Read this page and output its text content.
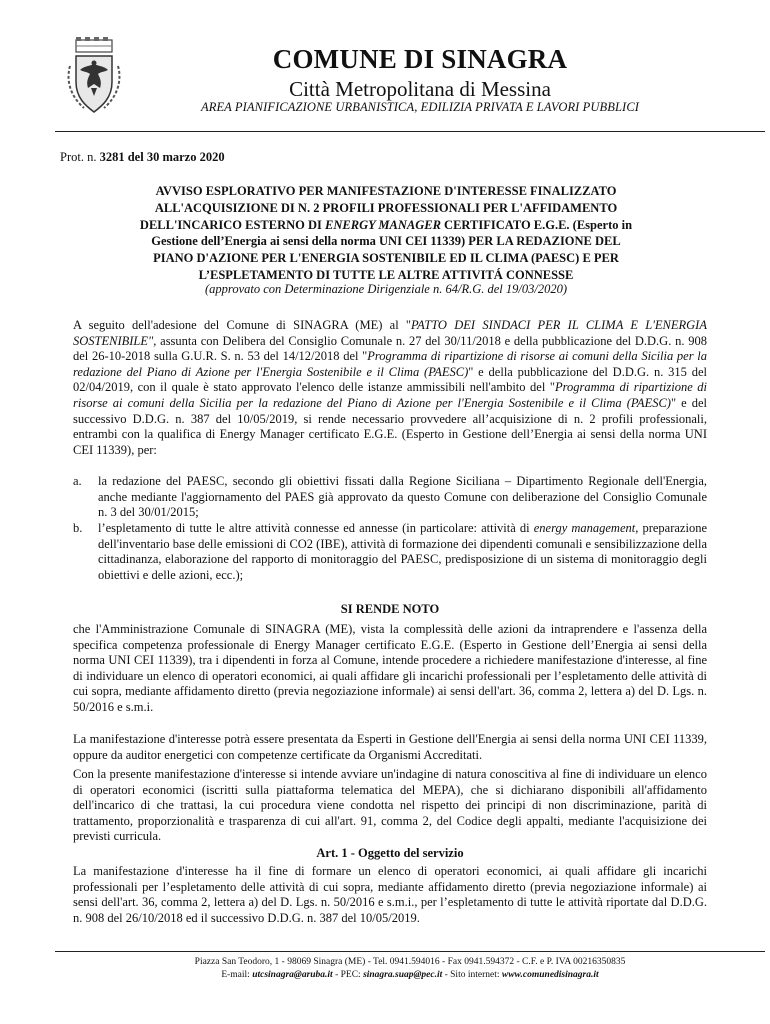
COMUNE DI SINAGRA
Città Metropolitana di Messina
AREA PIANIFICAZIONE URBANISTICA, EDILIZIA PRIVATA E LAVORI PUBBLICI
Prot. n. 3281 del 30 marzo 2020
AVVISO ESPLORATIVO PER MANIFESTAZIONE D'INTERESSE FINALIZZATO
ALL'ACQUISIZIONE DI N. 2 PROFILI PROFESSIONALI PER L'AFFIDAMENTO
DELL'INCARICO ESTERNO DI ENERGY MANAGER CERTIFICATO E.G.E. (Esperto in
Gestione dell’Energia ai sensi della norma UNI CEI 11339) PER LA REDAZIONE DEL
PIANO D'AZIONE PER L'ENERGIA SOSTENIBILE ED IL CLIMA (PAESC) E PER
L’ESPLETAMENTO DI TUTTE LE ALTRE ATTIVITÁ CONNESSE
(approvato con Determinazione Dirigenziale n. 64/R.G. del 19/03/2020)
A seguito dell'adesione del Comune di SINAGRA (ME) al "PATTO DEI SINDACI PER IL CLIMA E L'ENERGIA SOSTENIBILE", assunta con Delibera del Consiglio Comunale n. 27 del 30/11/2018 e della pubblicazione del D.D.G. n. 908 del 26-10-2018 sulla G.U.R. S. n. 53 del 14/12/2018 del "Programma di ripartizione di risorse ai comuni della Sicilia per la redazione del Piano di Azione per l'Energia Sostenibile e il Clima (PAESC)" e della pubblicazione del D.D.G. n. 315 del 02/04/2019, con il quale è stato approvato l'elenco delle istanze ammissibili nell'ambito del "Programma di ripartizione di risorse ai comuni della Sicilia per la redazione del Piano di Azione per l'Energia Sostenibile e il Clima (PAESC)" e del successivo D.D.G. n. 387 del 10/05/2019, si rende necessario provvedere all’acquisizione di n. 2 profili professionali, entrambi con la qualifica di Energy Manager certificato E.G.E. (Esperto in Gestione dell’Energia ai sensi della norma UNI CEI 11339), per:
a. la redazione del PAESC, secondo gli obiettivi fissati dalla Regione Siciliana – Dipartimento Regionale dell'Energia, anche mediante l'aggiornamento del PAES già approvato da questo Comune con deliberazione del Consiglio Comunale n. 3 del 30/01/2015;
b. l’espletamento di tutte le altre attività connesse ed annesse (in particolare: attività di energy management, preparazione dell'inventario base delle emissioni di CO2 (IBE), attività di formazione dei dipendenti comunali e sensibilizzazione della cittadinanza, elaborazione del rapporto di monitoraggio del PAESC, predisposizione di un sistema di monitoraggio degli obiettivi e delle azioni, ecc.);
SI RENDE NOTO
che l'Amministrazione Comunale di SINAGRA (ME), vista la complessità delle azioni da intraprendere e l'assenza della specifica competenza professionale di Energy Manager certificato E.G.E. (Esperto in Gestione dell’Energia ai sensi della norma UNI CEI 11339), tra i dipendenti in forza al Comune, intende procedere a richiedere manifestazione d'interesse, al fine di individuare un elenco di operatori economici, ai quali affidare gli incarichi professionali per l’espletamento delle attività di cui sopra, mediante affidamento diretto (previa negoziazione informale) ai sensi dell'art. 36, comma 2, lettera a) del D. Lgs. n. 50/2016 e s.m.i.
La manifestazione d'interesse potrà essere presentata da Esperti in Gestione dell'Energia ai sensi della norma UNI CEI 11339, oppure da auditor energetici con competenze certificate da Organismi Accreditati.
Con la presente manifestazione d'interesse si intende avviare un'indagine di natura conoscitiva al fine di individuare un elenco di operatori economici (iscritti sulla piattaforma telematica del MEPA), che si dichiarano disponibili all'affidamento dell'incarico di che trattasi, la cui procedura viene condotta nel rispetto dei principi di non discriminazione, parità di trattamento, proporzionalità e trasparenza di cui all'art. 91, comma 2, del Codice degli appalti, mediante l'acquisizione dei previsti curricula.
Art. 1 - Oggetto del servizio
La manifestazione d'interesse ha il fine di formare un elenco di operatori economici, ai quali affidare gli incarichi professionali per l’espletamento delle attività di cui sopra, mediante affidamento diretto (previa negoziazione informale) ai sensi dell'art. 36, comma 2, lettera a) del D. Lgs. n. 50/2016 e s.m.i., per l’espletamento di tutte le attività riportate dal D.D.G. n. 908 del 26/10/2018 ed il successivo D.D.G. n. 387 del 10/05/2019.
Piazza San Teodoro, 1 - 98069 Sinagra (ME) - Tel. 0941.594016 - Fax 0941.594372 - C.F. e P. IVA 00216350835
E-mail: utcsinagra@aruba.it - PEC: sinagra.suap@pec.it - Sito internet: www.comunedisinagra.it
